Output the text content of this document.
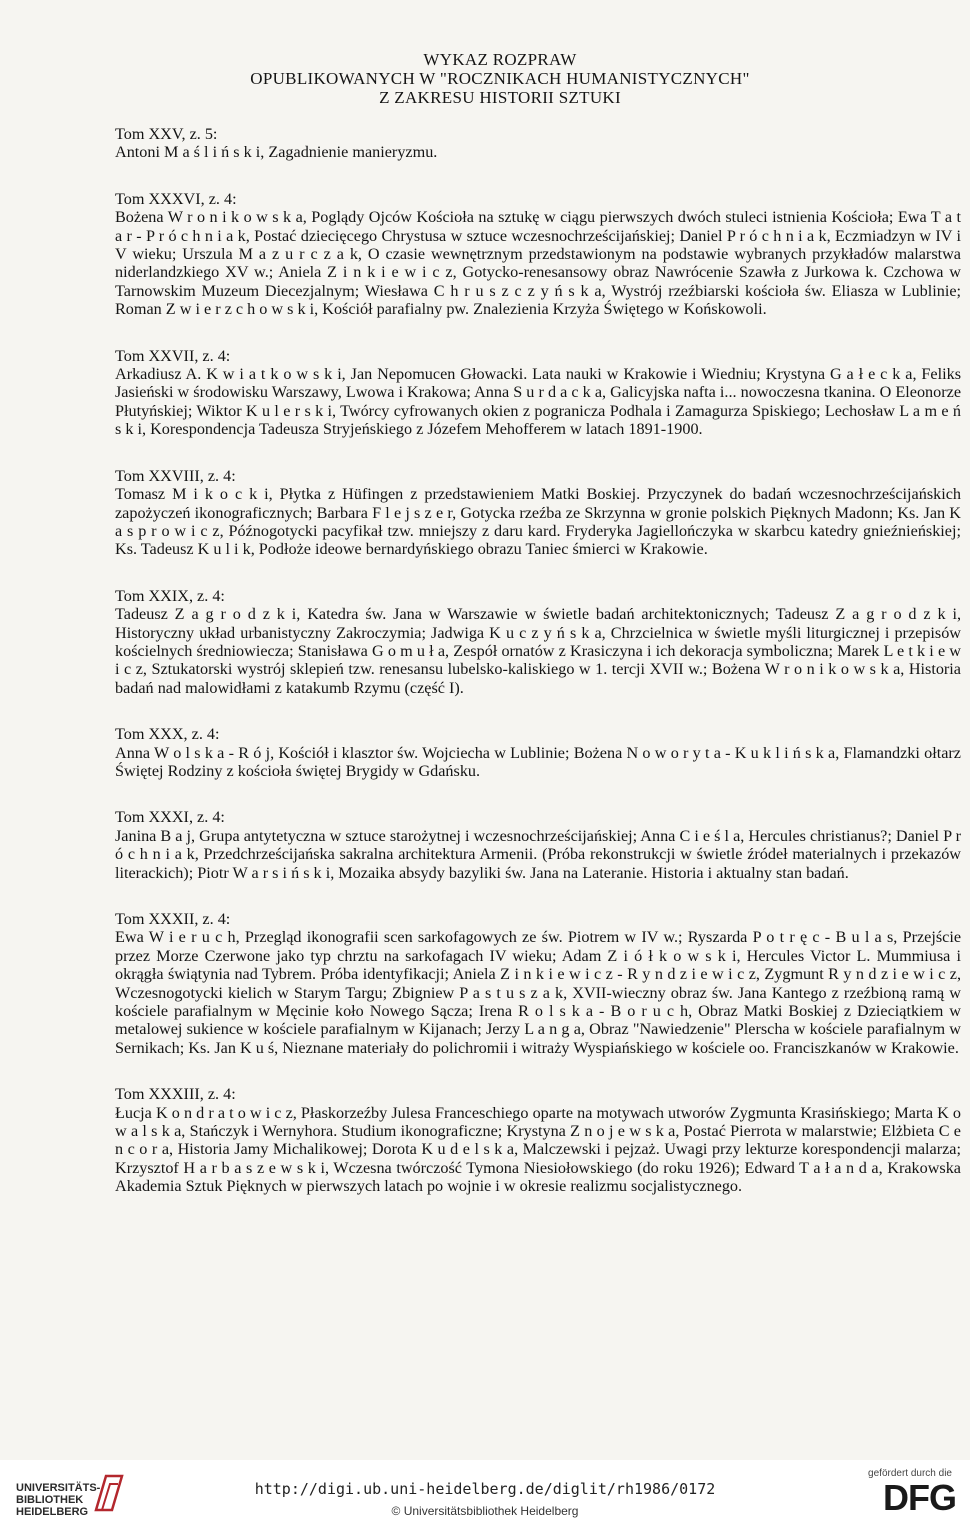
WYKAZ ROZPRAW
OPUBLIKOWANYCH W "ROCZNIKACH HUMANISTYCZNYCH"
Z ZAKRESU HISTORII SZTUKI
Tom XXV, z. 5:
Antoni M a ś l i ń s k i, Zagadnienie manieryzmu.
Tom XXXVI, z. 4:
Bożena W r o n i k o w s k a, Poglądy Ojców Kościoła na sztukę w ciągu pierwszych dwóch stuleci istnienia Kościoła; Ewa T a t a r - P r ó c h n i a k, Postać dziecięcego Chrystusa w sztuce wczesnochrześcijańskiej; Daniel P r ó c h n i a k, Eczmiadzyn w IV i V wieku; Urszula M a z u r c z a k, O czasie wewnętrznym przedstawionym na podstawie wybranych przykładów malarstwa niderlandzkiego XV w.; Aniela Z i n k i e w i c z, Gotycko-renesansowy obraz Nawrócenie Szawła z Jurkowa k. Czchowa w Tarnowskim Muzeum Diecezjalnym; Wiesława C h r u s z c z y ń s k a, Wystrój rzeźbiarski kościoła św. Eliasza w Lublinie; Roman Z w i e r z c h o w s k i, Kościół parafialny pw. Znalezienia Krzyża Świętego w Końskowoli.
Tom XXVII, z. 4:
Arkadiusz A. K w i a t k o w s k i, Jan Nepomucen Głowacki. Lata nauki w Krakowie i Wiedniu; Krystyna G a ł e c k a, Feliks Jasieński w środowisku Warszawy, Lwowa i Krakowa; Anna S u r d a c k a, Galicyjska nafta i... nowoczesna tkanina. O Eleonorze Płutyńskiej; Wiktor K u l e r s k i, Twórcy cyfrowanych okien z pogranicza Podhala i Zamagurza Spiskiego; Lechosław L a m e ń s k i, Korespondencja Tadeusza Stryjeńskiego z Józefem Mehofferem w latach 1891-1900.
Tom XXVIII, z. 4:
Tomasz M i k o c k i, Płytka z Hüfingen z przedstawieniem Matki Boskiej. Przyczynek do badań wczesnochrześcijańskich zapożyczeń ikonograficznych; Barbara F l e j s z e r, Gotycka rzeźba ze Skrzynna w gronie polskich Pięknych Madonn; Ks. Jan K a s p r o w i c z, Późnogotycki pacyfikał tzw. mniejszy z daru kard. Fryderyka Jagiellończyka w skarbcu katedry gnieźnieńskiej; Ks. Tadeusz K u l i k, Podłoże ideowe bernardyńskiego obrazu Taniec śmierci w Krakowie.
Tom XXIX, z. 4:
Tadeusz Z a g r o d z k i, Katedra św. Jana w Warszawie w świetle badań architektonicznych; Tadeusz Z a g r o d z k i, Historyczny układ urbanistyczny Zakroczymia; Jadwiga K u c z y ń s k a, Chrzcielnica w świetle myśli liturgicznej i przepisów kościelnych średniowiecza; Stanisława G o m u ł a, Zespół ornatów z Krasiczyna i ich dekoracja symboliczna; Marek L e t k i e w i c z, Sztukatorski wystrój sklepień tzw. renesansu lubelsko-kaliskiego w 1. tercji XVII w.; Bożena W r o n i k o w s k a, Historia badań nad malowidłami z katakumb Rzymu (część I).
Tom XXX, z. 4:
Anna W o l s k a - R ó j, Kościół i klasztor św. Wojciecha w Lublinie; Bożena N o w o r y t a - K u k l i ń s k a, Flamandzki ołtarz Świętej Rodziny z kościoła świętej Brygidy w Gdańsku.
Tom XXXI, z. 4:
Janina B a j, Grupa antytetyczna w sztuce starożytnej i wczesnochrześcijańskiej; Anna C i e ś l a, Hercules christianus?; Daniel P r ó c h n i a k, Przedchrześcijańska sakralna architektura Armenii. (Próba rekonstrukcji w świetle źródeł materialnych i przekazów literackich); Piotr W a r s i ń s k i, Mozaika absydy bazyliki św. Jana na Lateranie. Historia i aktualny stan badań.
Tom XXXII, z. 4:
Ewa W i e r u c h, Przegląd ikonografii scen sarkofagowych ze św. Piotrem w IV w.; Ryszarda P o t r ę c - B u l a s, Przejście przez Morze Czerwone jako typ chrztu na sarkofagach IV wieku; Adam Z i ó ł k o w s k i, Hercules Victor L. Mummiusa i okrągła świątynia nad Tybrem. Próba identyfikacji; Aniela Z i n k i e w i c z - R y n d z i e w i c z, Zygmunt R y n d z i e w i c z, Wczesnogotycki kielich w Starym Targu; Zbigniew P a s t u s z a k, XVII-wieczny obraz św. Jana Kantego z rzeźbioną ramą w kościele parafialnym w Męcinie koło Nowego Sącza; Irena R o l s k a - B o r u c h, Obraz Matki Boskiej z Dzieciątkiem w metalowej sukience w kościele parafialnym w Kijanach; Jerzy L a n g a, Obraz "Nawiedzenie" Plerscha w kościele parafialnym w Sernikach; Ks. Jan K u ś, Nieznane materiały do polichromii i witraży Wyspiańskiego w kościele oo. Franciszkanów w Krakowie.
Tom XXXIII, z. 4:
Łucja K o n d r a t o w i c z, Płaskorzeźby Julesa Franceschiego oparte na motywach utworów Zygmunta Krasińskiego; Marta K o w a l s k a, Stańczyk i Wernyhora. Studium ikonograficzne; Krystyna Z n o j e w s k a, Postać Pierrota w malarstwie; Elżbieta C e n c o r a, Historia Jamy Michalikowej; Dorota K u d e l s k a, Malczewski i pejzaż. Uwagi przy lekturze korespondencji malarza; Krzysztof H a r b a s z e w s k i, Wczesna twórczość Tymona Niesiołowskiego (do roku 1926); Edward T a ł a n d a, Krakowska Akademia Sztuk Pięknych w pierwszych latach po wojnie i w okresie realizmu socjalistycznego.
UNIVERSITÄTS-
BIBLIOTHEK
HEIDELBERG
http://digi.ub.uni-heidelberg.de/diglit/rh1986/0172
© Universitätsbibliothek Heidelberg
gefördert durch die
DFG
